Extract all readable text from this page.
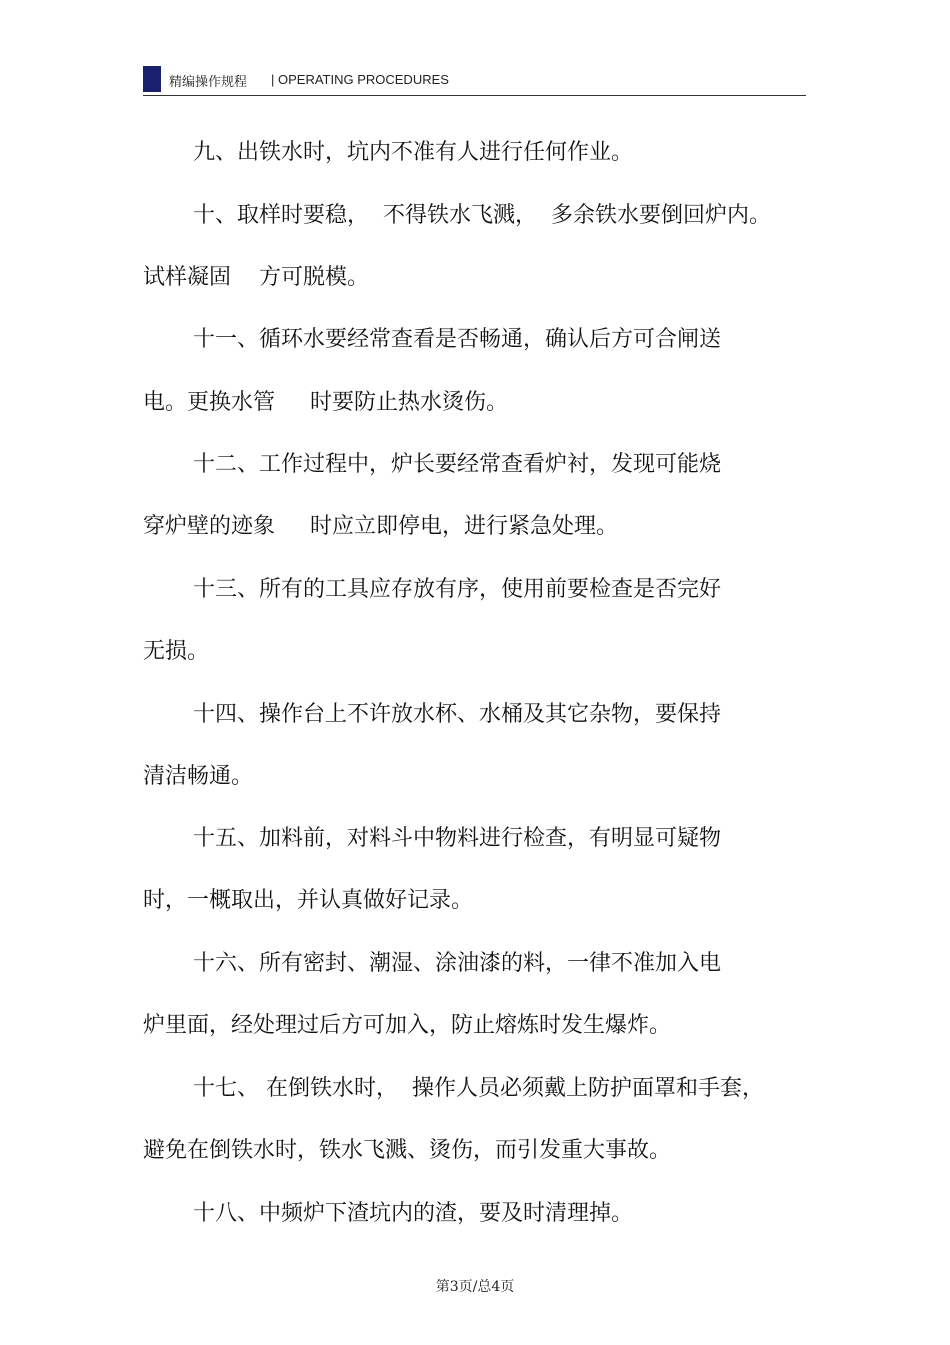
精编操作规程 | OPERATING PROCEDURES
九、出铁水时，坑内不准有人进行任何作业。
十、取样时要稳，  不得铁水飞溅，  多余铁水要倒回炉内。
试样凝固    方可脱模。
十一、循环水要经常查看是否畅通，确认后方可合闸送
电。更换水管     时要防止热水烫伤。
十二、工作过程中，炉长要经常查看炉衬，发现可能烧
穿炉壁的迹象     时应立即停电，进行紧急处理。
十三、所有的工具应存放有序，使用前要检查是否完好
无损。
十四、操作台上不许放水杯、水桶及其它杂物，要保持
清洁畅通。
十五、加料前，对料斗中物料进行检查，有明显可疑物
时，一概取出，并认真做好记录。
十六、所有密封、潮湿、涂油漆的料，一律不准加入电
炉里面，经处理过后方可加入，防止熔炼时发生爆炸。
十七、 在倒铁水时，  操作人员必须戴上防护面罩和手套，
避免在倒铁水时，铁水飞溅、烫伤，而引发重大事故。
十八、中频炉下渣坑内的渣，要及时清理掉。
第3页/总4页
